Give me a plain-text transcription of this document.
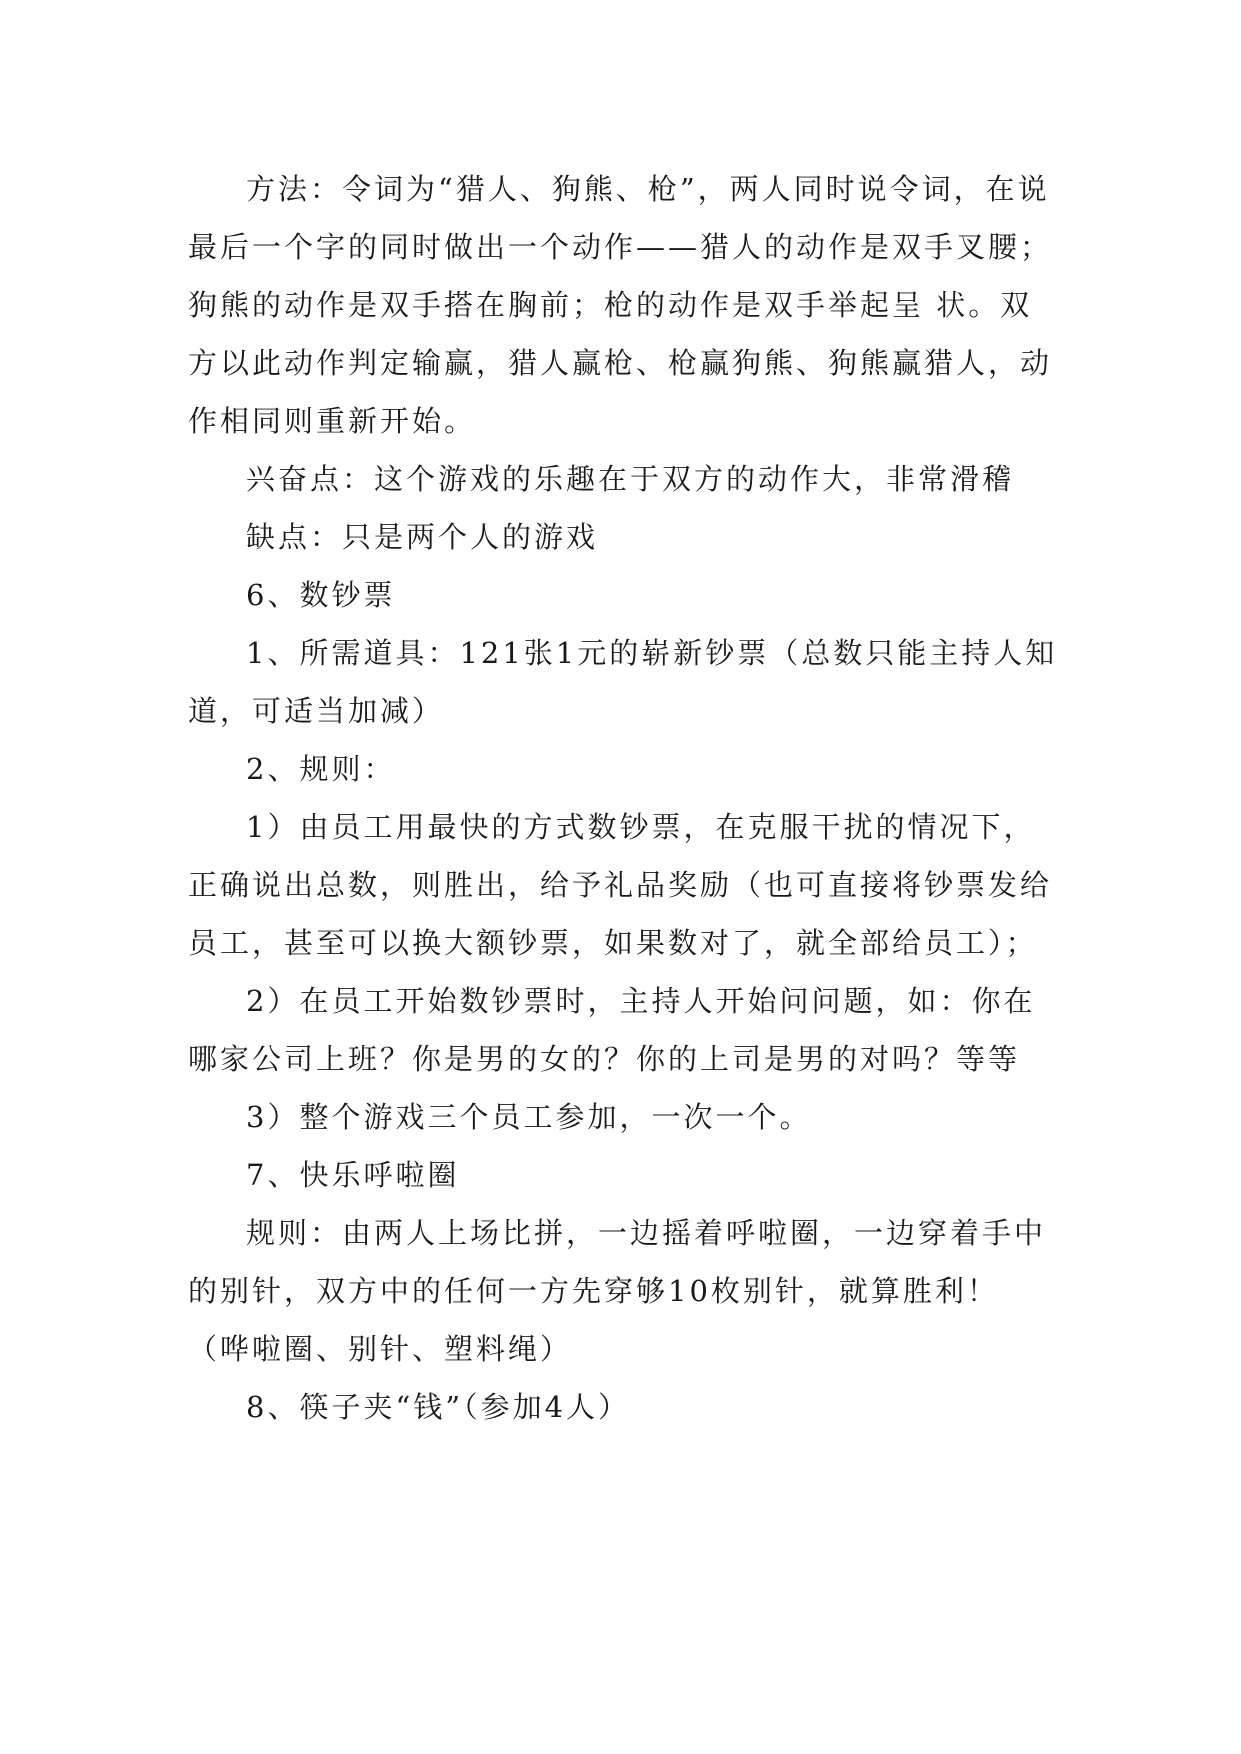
方法：令词为“猎人、狗熊、枪”，两人同时说令词，在说最后一个字的同时做出一个动作——猎人的动作是双手叉腰；狗熊的动作是双手搭在胸前；枪的动作是双手举起呈 状。双方以此动作判定输赢，猎人赢枪、枪赢狗熊、狗熊赢猎人，动作相同则重新开始。

兴奋点：这个游戏的乐趣在于双方的动作大，非常滑稽

缺点：只是两个人的游戏

6、数钞票

1、所需道具：121张1元的崭新钞票（总数只能主持人知道，可适当加减）

2、规则：

1）由员工用最快的方式数钞票，在克服干扰的情况下，正确说出总数，则胜出，给予礼品奖励（也可直接将钞票发给员工，甚至可以换大额钞票，如果数对了，就全部给员工）；

2）在员工开始数钞票时，主持人开始问问题，如：你在哪家公司上班？你是男的女的？你的上司是男的对吗？等等

3）整个游戏三个员工参加，一次一个。

7、快乐呼啦圈

规则：由两人上场比拼，一边摇着呼啦圈，一边穿着手中的别针，双方中的任何一方先穿够10枚别针，就算胜利！（哗啦圈、别针、塑料绳）

8、筷子夹“钱”（参加4人）
